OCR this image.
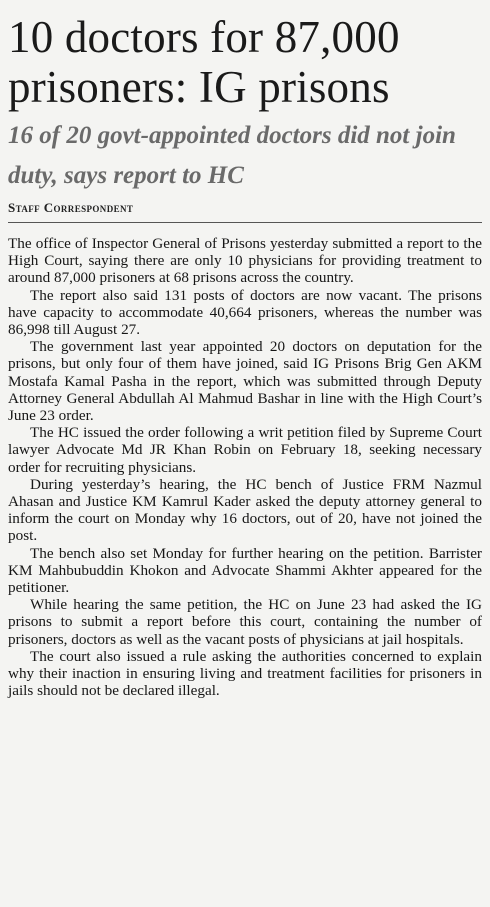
10 doctors for 87,000 prisoners: IG prisons
16 of 20 govt-appointed doctors did not join duty, says report to HC
Staff Correspondent

The office of Inspector General of Prisons yesterday submitted a report to the High Court, saying there are only 10 physicians for providing treatment to around 87,000 prisoners at 68 prisons across the country.

The report also said 131 posts of doctors are now vacant. The prisons have capacity to accommodate 40,664 prisoners, whereas the number was 86,998 till August 27.

The government last year appointed 20 doctors on deputation for the prisons, but only four of them have joined, said IG Prisons Brig Gen AKM Mostafa Kamal Pasha in the report, which was submitted through Deputy Attorney General Abdullah Al Mahmud Bashar in line with the High Court’s June 23 order.

The HC issued the order following a writ petition filed by Supreme Court lawyer Advocate Md JR Khan Robin on February 18, seeking necessary order for recruiting physicians.

During yesterday’s hearing, the HC bench of Justice FRM Nazmul Ahasan and Justice KM Kamrul Kader asked the deputy attorney general to inform the court on Monday why 16 doctors, out of 20, have not joined the post.

The bench also set Monday for further hearing on the petition. Barrister KM Mahbubuddin Khokon and Advocate Shammi Akhter appeared for the petitioner.

While hearing the same petition, the HC on June 23 had asked the IG prisons to submit a report before this court, containing the number of prisoners, doctors as well as the vacant posts of physicians at jail hospitals.

The court also issued a rule asking the authorities concerned to explain why their inaction in ensuring living and treatment facilities for prisoners in jails should not be declared illegal.
